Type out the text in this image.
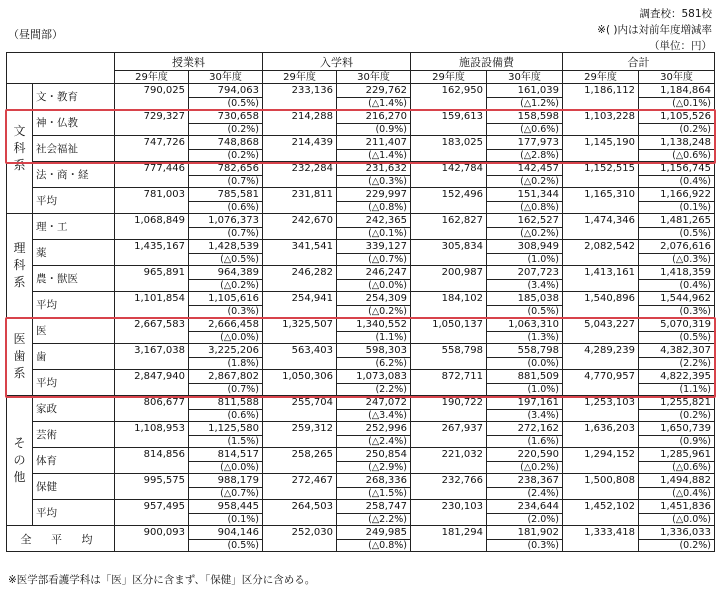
調査校：581校
※( )内は対前年度増減率
（単位：円）
（昼間部）
		授業料		入学料		施設設備費		合計	
		29年度	30年度	29年度	30年度	29年度	30年度	29年度	30年度
文科系	文・教育	790,025	794,063	233,136	229,762	162,950	161,039	1,186,112	1,184,864
			(0.5%)		(△1.4%)		(△1.2%)		(△0.1%)
	神・仏教	729,327	730,658	214,288	216,270	159,613	158,598	1,103,228	1,105,526
			(0.2%)		(0.9%)		(△0.6%)		(0.2%)
	社会福祉	747,726	748,868	214,439	211,407	183,025	177,973	1,145,190	1,138,248
			(0.2%)		(△1.4%)		(△2.8%)		(△0.6%)
	法・商・経	777,446	782,656	232,284	231,632	142,784	142,457	1,152,515	1,156,745
			(0.7%)		(△0.3%)		(△0.2%)		(0.4%)
	平均	781,003	785,581	231,811	229,997	152,496	151,344	1,165,310	1,166,922
			(0.6%)		(△0.8%)		(△0.8%)		(0.1%)
理科系	理・工	1,068,849	1,076,373	242,670	242,365	162,827	162,527	1,474,346	1,481,265
			(0.7%)		(△0.1%)		(△0.2%)		(0.5%)
	薬	1,435,167	1,428,539	341,541	339,127	305,834	308,949	2,082,542	2,076,616
			(△0.5%)		(△0.7%)		(1.0%)		(△0.3%)
	農・獣医	965,891	964,389	246,282	246,247	200,987	207,723	1,413,161	1,418,359
			(△0.2%)		(△0.0%)		(3.4%)		(0.4%)
	平均	1,101,854	1,105,616	254,941	254,309	184,102	185,038	1,540,896	1,544,962
			(0.3%)		(△0.2%)		(0.5%)		(0.3%)
医歯系	医	2,667,583	2,666,458	1,325,507	1,340,552	1,050,137	1,063,310	5,043,227	5,070,319
			(△0.0%)		(1.1%)		(1.3%)		(0.5%)
	歯	3,167,038	3,225,206	563,403	598,303	558,798	558,798	4,289,239	4,382,307
			(1.8%)		(6.2%)		(0.0%)		(2.2%)
	平均	2,847,940	2,867,802	1,050,306	1,073,083	872,711	881,509	4,770,957	4,822,395
			(0.7%)		(2.2%)		(1.0%)		(1.1%)
その他	家政	806,677	811,588	255,704	247,072	190,722	197,161	1,253,103	1,255,821
			(0.6%)		(△3.4%)		(3.4%)		(0.2%)
	芸術	1,108,953	1,125,580	259,312	252,996	267,937	272,162	1,636,203	1,650,739
			(1.5%)		(△2.4%)		(1.6%)		(0.9%)
	体育	814,856	814,517	258,265	250,854	221,032	220,590	1,294,152	1,285,961
			(△0.0%)		(△2.9%)		(△0.2%)		(△0.6%)
	保健	995,575	988,179	272,467	268,336	232,766	238,367	1,500,808	1,494,882
			(△0.7%)		(△1.5%)		(2.4%)		(△0.4%)
	平均	957,495	958,445	264,503	258,747	230,103	234,644	1,452,102	1,451,836
			(0.1%)		(△2.2%)		(2.0%)		(△0.0%)
全 平 均		900,093	904,146	252,030	249,985	181,294	181,902	1,333,418	1,336,033
			(0.5%)		(△0.8%)		(0.3%)		(0.2%)
※医学部看護学科は「医」区分に含まず、「保健」区分に含める。
